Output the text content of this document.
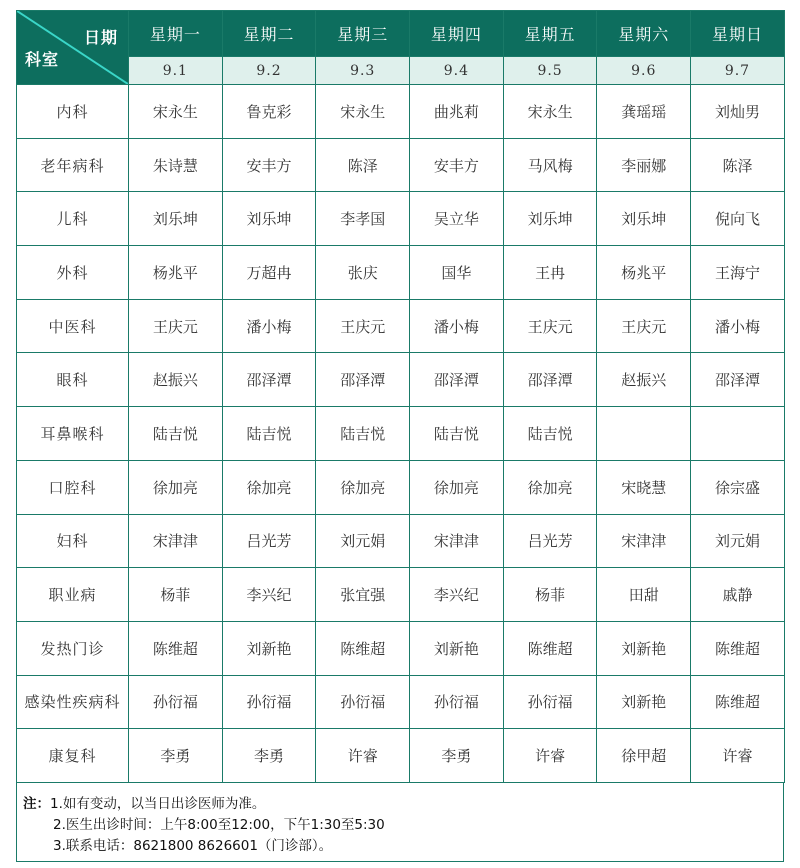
日期
科室	星期一	星期二	星期三	星期四	星期五	星期六	星期日
	9.1	9.2	9.3	9.4	9.5	9.6	9.7
内科	宋永生	鲁克彩	宋永生	曲兆莉	宋永生	龚瑶瑶	刘灿男
老年病科	朱诗慧	安丰方	陈泽	安丰方	马风梅	李丽娜	陈泽
儿科	刘乐坤	刘乐坤	李孝国	吴立华	刘乐坤	刘乐坤	倪向飞
外科	杨兆平	万超冉	张庆	国华	王冉	杨兆平	王海宁
中医科	王庆元	潘小梅	王庆元	潘小梅	王庆元	王庆元	潘小梅
眼科	赵振兴	邵泽潭	邵泽潭	邵泽潭	邵泽潭	赵振兴	邵泽潭
耳鼻喉科	陆吉悦	陆吉悦	陆吉悦	陆吉悦	陆吉悦		
口腔科	徐加亮	徐加亮	徐加亮	徐加亮	徐加亮	宋晓慧	徐宗盛
妇科	宋津津	吕光芳	刘元娟	宋津津	吕光芳	宋津津	刘元娟
职业病	杨菲	李兴纪	张宜强	李兴纪	杨菲	田甜	戚静
发热门诊	陈维超	刘新艳	陈维超	刘新艳	陈维超	刘新艳	陈维超
感染性疾病科	孙衍福	孙衍福	孙衍福	孙衍福	孙衍福	刘新艳	陈维超
康复科	李勇	李勇	许睿	李勇	许睿	徐甲超	许睿
注：1.如有变动，以当日出诊医师为准。
2.医生出诊时间：上午8:00至12:00，下午1:30至5:30
3.联系电话：8621800 8626601（门诊部）。
